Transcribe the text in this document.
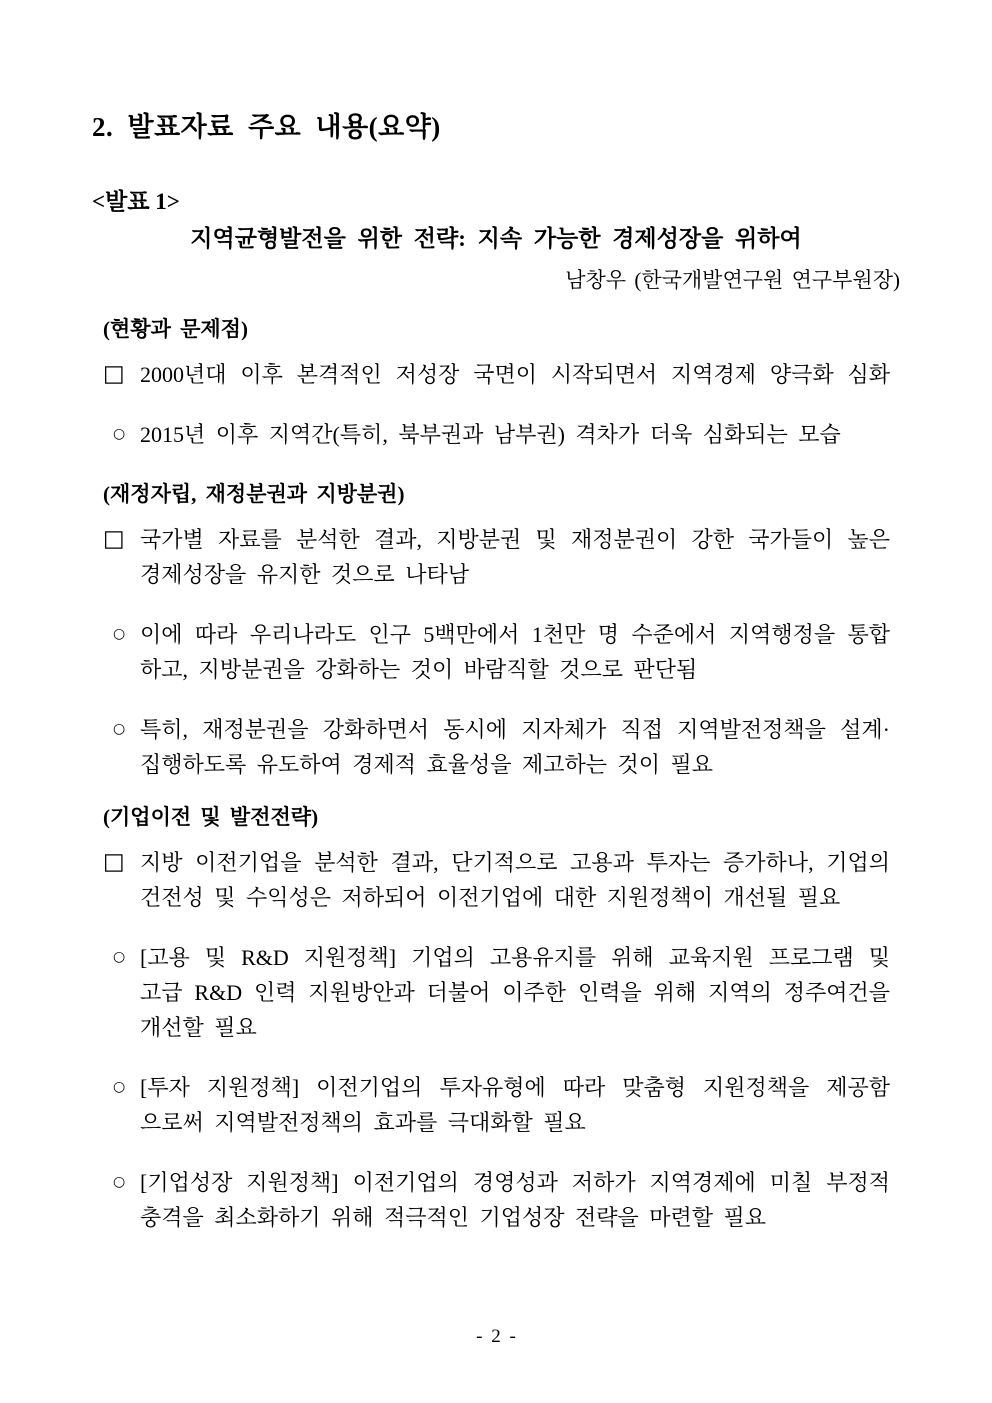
2. 발표자료 주요 내용(요약)
<발표 1>
지역균형발전을 위한 전략: 지속 가능한 경제성장을 위하여
남창우 (한국개발연구원 연구부원장)
(현황과 문제점)
□ 2000년대 이후 본격적인 저성장 국면이 시작되면서 지역경제 양극화 심화
○ 2015년 이후 지역간(특히, 북부권과 남부권) 격차가 더욱 심화되는 모습
(재정자립, 재정분권과 지방분권)
□ 국가별 자료를 분석한 결과, 지방분권 및 재정분권이 강한 국가들이 높은
경제성장을 유지한 것으로 나타남
○ 이에 따라 우리나라도 인구 5백만에서 1천만 명 수준에서 지역행정을 통합
하고, 지방분권을 강화하는 것이 바람직할 것으로 판단됨
○ 특히, 재정분권을 강화하면서 동시에 지자체가 직접 지역발전정책을 설계·
집행하도록 유도하여 경제적 효율성을 제고하는 것이 필요
(기업이전 및 발전전략)
□ 지방 이전기업을 분석한 결과, 단기적으로 고용과 투자는 증가하나, 기업의
건전성 및 수익성은 저하되어 이전기업에 대한 지원정책이 개선될 필요
○ [고용 및 R&D 지원정책] 기업의 고용유지를 위해 교육지원 프로그램 및
고급 R&D 인력 지원방안과 더불어 이주한 인력을 위해 지역의 정주여건을
개선할 필요
○ [투자 지원정책] 이전기업의 투자유형에 따라 맞춤형 지원정책을 제공함
으로써 지역발전정책의 효과를 극대화할 필요
○ [기업성장 지원정책] 이전기업의 경영성과 저하가 지역경제에 미칠 부정적
충격을 최소화하기 위해 적극적인 기업성장 전략을 마련할 필요
- 2 -
